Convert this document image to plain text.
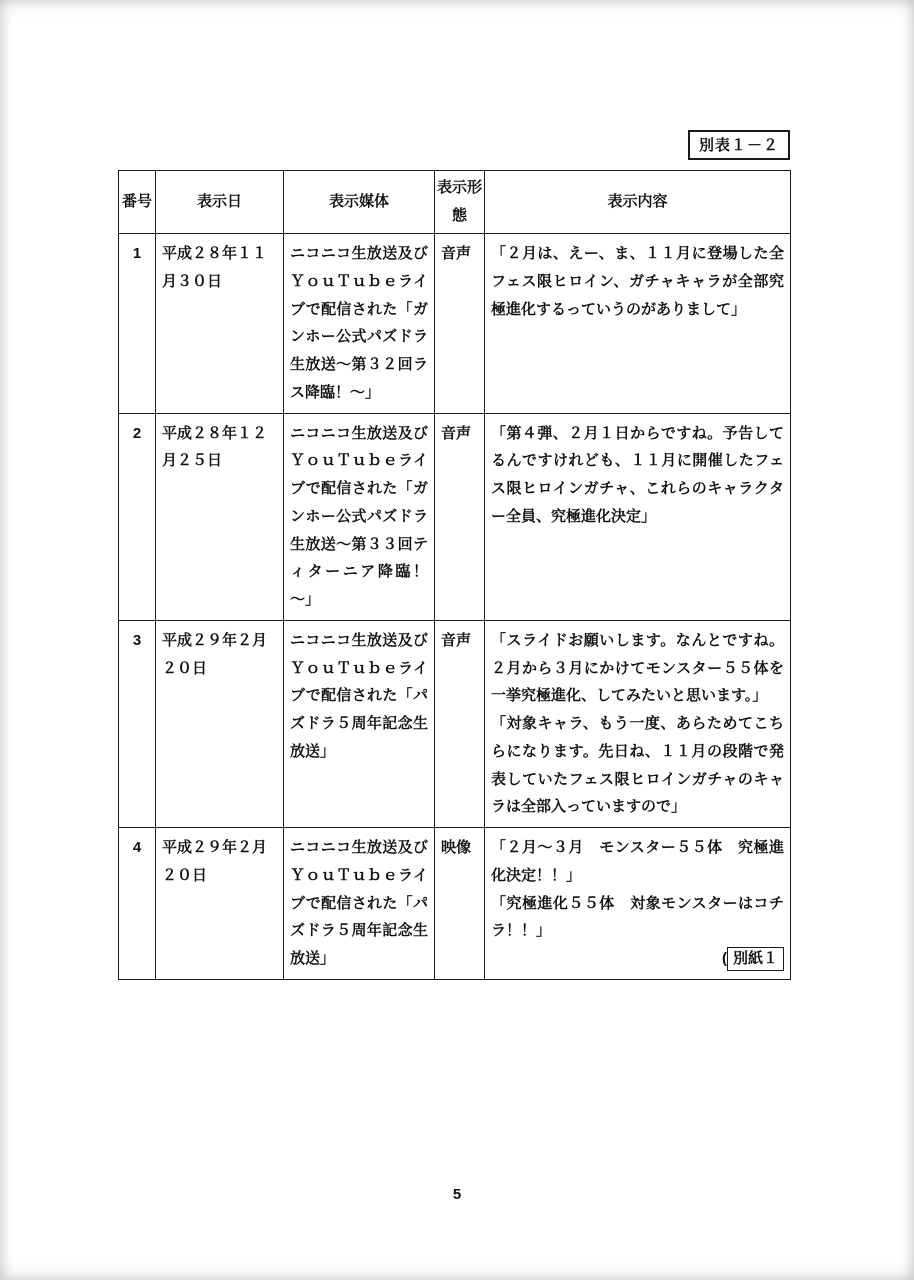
別表１－２
番号	表示日	表示媒体	表示形態	表示内容
1	平成２８年１１月３０日	ニコニコ生放送及びＹｏｕＴｕｂｅライブで配信された「ガンホー公式パズドラ生放送～第３２回ラス降臨！～」	音声	「２月は、えー、ま、１１月に登場した全フェス限ヒロイン、ガチャキャラが全部究極進化するっていうのがありまして」

2	平成２８年１２月２５日	ニコニコ生放送及びＹｏｕＴｕｂｅライブで配信された「ガンホー公式パズドラ生放送～第３３回ティターニア降臨！～」	音声	「第４弾、２月１日からですね。予告してるんですけれども、１１月に開催したフェス限ヒロインガチャ、これらのキャラクター全員、究極進化決定」

3	平成２９年２月２０日	ニコニコ生放送及びＹｏｕＴｕｂｅライブで配信された「パズドラ５周年記念生放送」	音声	「スライドお願いします。なんとですね。２月から３月にかけてモンスター５５体を一挙究極進化、してみたいと思います。」
「対象キャラ、もう一度、あらためてこちらになります。先日ね、１１月の段階で発表していたフェス限ヒロインガチャのキャラは全部入っていますので」

4	平成２９年２月２０日	ニコニコ生放送及びＹｏｕＴｕｂｅライブで配信された「パズドラ５周年記念生放送」	映像	「２月～３月　モンスター５５体　究極進化決定！！」
「究極進化５５体　対象モンスターはコチラ！！」
( 別紙１
5
